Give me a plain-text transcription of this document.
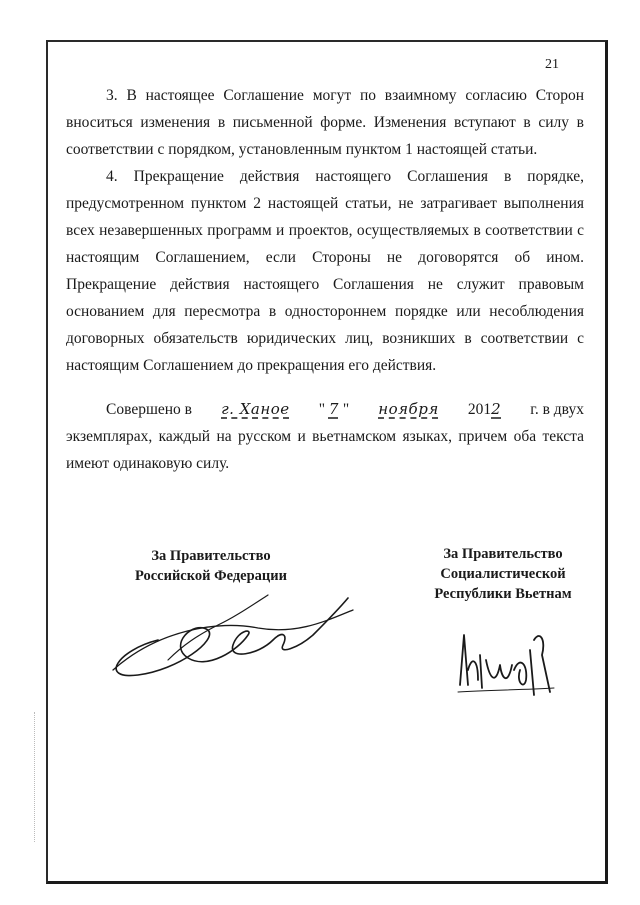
21

3. В настоящее Соглашение могут по взаимному согласию Сторон вноситься изменения в письменной форме. Изменения вступают в силу в соответствии с порядком, установленным пунктом 1 настоящей статьи.

4. Прекращение действия настоящего Соглашения в порядке, предусмотренном пунктом 2 настоящей статьи, не затрагивает выполнения всех незавершенных программ и проектов, осуществляемых в соответствии с настоящим Соглашением, если Стороны не договорятся об ином. Прекращение действия настоящего Соглашения не служит правовым основанием для пересмотра в одностороннем порядке или несоблюдения договорных обязательств юридических лиц, возникших в соответствии с настоящим Соглашением до прекращения его действия.

Совершено в г. Ханое " 7 " ноября 2012 г. в двух

экземплярах, каждый на русском и вьетнамском языках, причем оба текста имеют одинаковую силу.

За Правительство
Российской Федерации
За Правительство
Социалистической
Республики Вьетнам
